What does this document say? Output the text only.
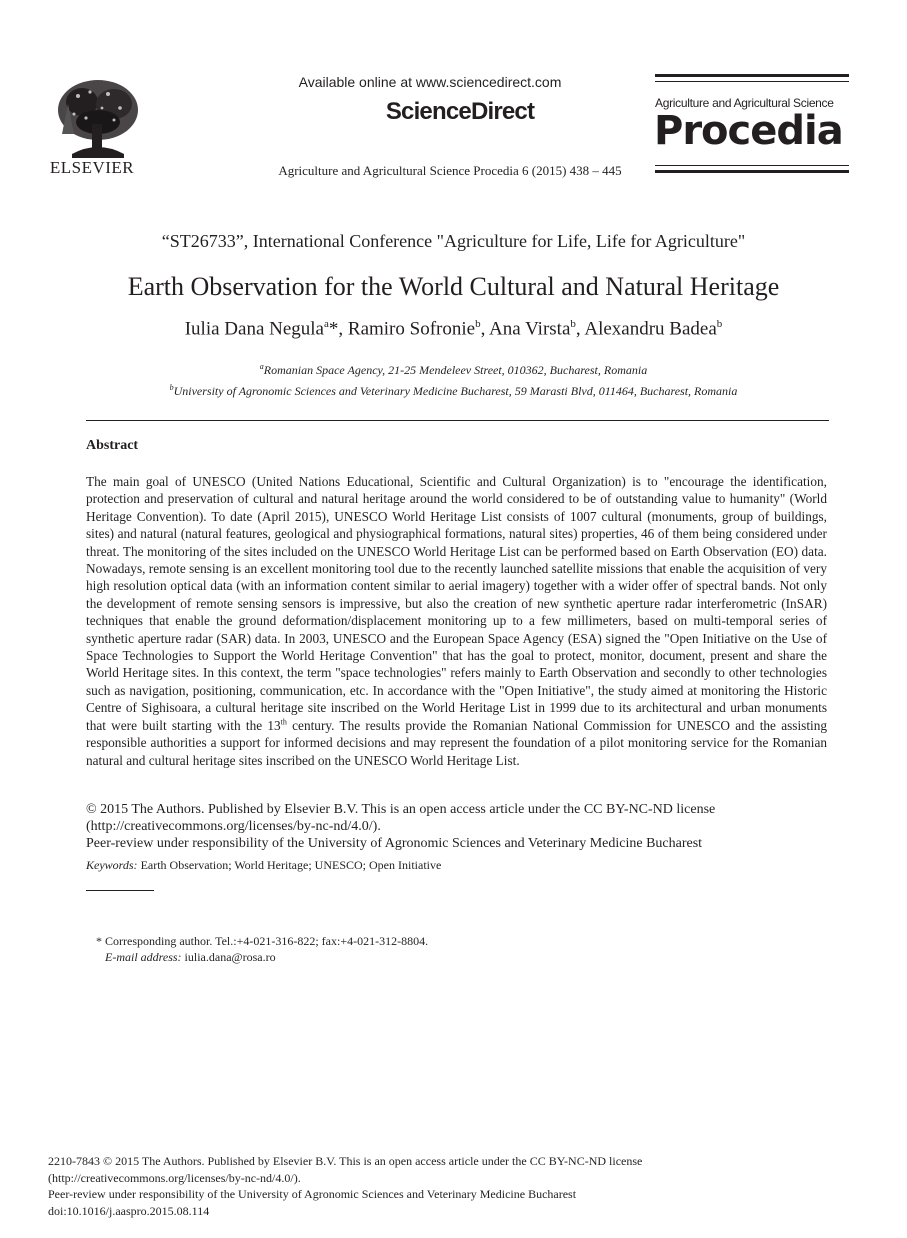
ELSEVIER
Available online at www.sciencedirect.com
ScienceDirect
Agriculture and Agricultural Science Procedia 6 (2015) 438 – 445
Agriculture and Agricultural Science
Procedia
“ST26733”, International Conference "Agriculture for Life, Life for Agriculture"
Earth Observation for the World Cultural and Natural Heritage
Iulia Dana Negula$^a$*, Ramiro Sofronie$^b$, Ana Virsta$^b$, Alexandru Badea$^b$
$^a$Romanian Space Agency, 21-25 Mendeleev Street, 010362, Bucharest, Romania
$^b$University of Agronomic Sciences and Veterinary Medicine Bucharest, 59 Marasti Blvd, 011464, Bucharest, Romania
Abstract

The main goal of UNESCO (United Nations Educational, Scientific and Cultural Organization) is to "encourage the identification, protection and preservation of cultural and natural heritage around the world considered to be of outstanding value to humanity" (World Heritage Convention). To date (April 2015), UNESCO World Heritage List consists of 1007 cultural (monuments, group of buildings, sites) and natural (natural features, geological and physiographical formations, natural sites) properties, 46 of them being considered under threat. The monitoring of the sites included on the UNESCO World Heritage List can be performed based on Earth Observation (EO) data. Nowadays, remote sensing is an excellent monitoring tool due to the recently launched satellite missions that enable the acquisition of very high resolution optical data (with an information content similar to aerial imagery) together with a wider offer of spectral bands. Not only the development of remote sensing sensors is impressive, but also the creation of new synthetic aperture radar interferometric (InSAR) techniques that enable the ground deformation/displacement monitoring up to a few millimeters, based on multi-temporal series of synthetic aperture radar (SAR) data. In 2003, UNESCO and the European Space Agency (ESA) signed the "Open Initiative on the Use of Space Technologies to Support the World Heritage Convention" that has the goal to protect, monitor, document, present and share the World Heritage sites. In this context, the term "space technologies" refers mainly to Earth Observation and secondly to other technologies such as navigation, positioning, communication, etc. In accordance with the "Open Initiative", the study aimed at monitoring the Historic Centre of Sighisoara, a cultural heritage site inscribed on the World Heritage List in 1999 due to its architectural and urban monuments that were built starting with the 13th century. The results provide the Romanian National Commission for UNESCO and the assisting responsible authorities a support for informed decisions and may represent the foundation of a pilot monitoring service for the Romanian natural and cultural heritage sites inscribed on the UNESCO World Heritage List.

© 2015 The Authors. Published by Elsevier B.V. This is an open access article under the CC BY-NC-ND license
(http://creativecommons.org/licenses/by-nc-nd/4.0/).
Peer-review under responsibility of the University of Agronomic Sciences and Veterinary Medicine Bucharest
Keywords: Earth Observation; World Heritage; UNESCO; Open Initiative
* Corresponding author. Tel.:+4-021-316-822; fax:+4-021-312-8804.
E-mail address: iulia.dana@rosa.ro
2210-7843 © 2015 The Authors. Published by Elsevier B.V. This is an open access article under the CC BY-NC-ND license
(http://creativecommons.org/licenses/by-nc-nd/4.0/).
Peer-review under responsibility of the University of Agronomic Sciences and Veterinary Medicine Bucharest
doi:10.1016/j.aaspro.2015.08.114
